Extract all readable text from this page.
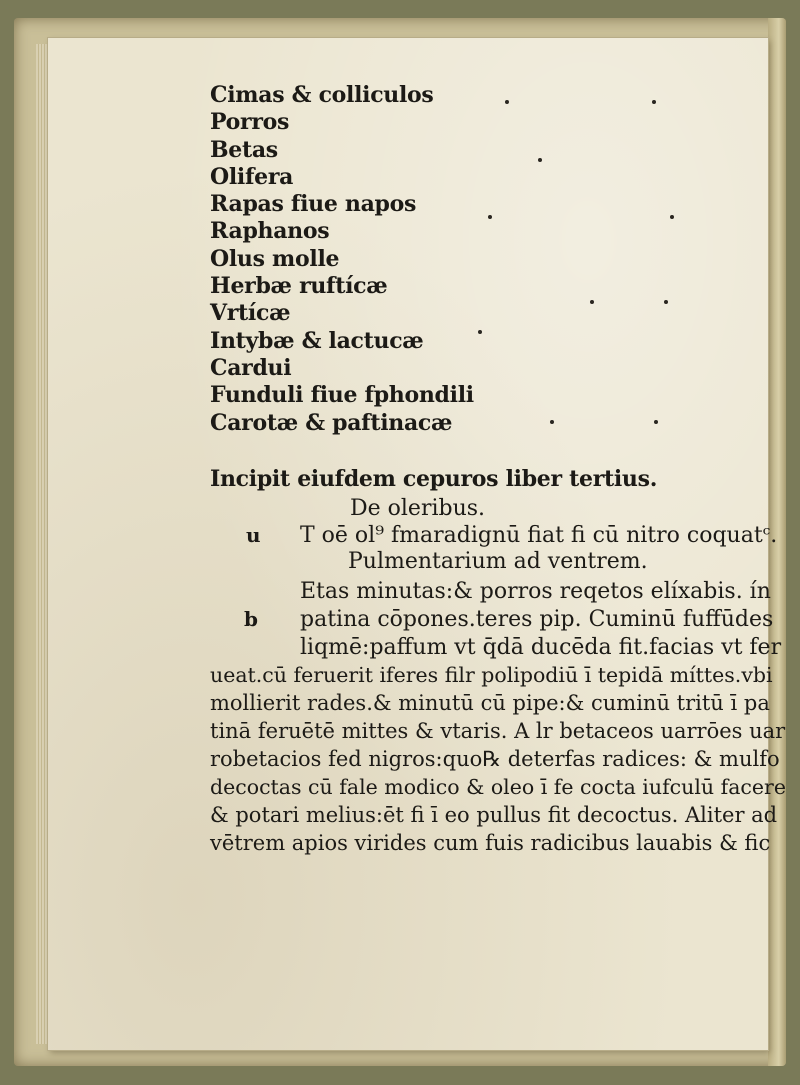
Cimas & colliculos
Porros
Betas
Olifera
Rapas fiue napos
Raphanos
Olus molle
Herbæ ruftícæ
Vrtícæ
Intybæ & lactucæ
Cardui
Funduli fiue fphondili
Carotæ & paftinacæ
Incipit eiufdem cepuros liber tertius.
De oleribus.
u T oē ol⁹ fmaradignū fiat fi cū nitro coquatᶜ.
Pulmentarium ad ventrem.
Etas minutas:& porros reqetos elíxabis. ín
b patina cōpones.teres pip. Cuminū fuffūdes
liqmē:paffum vt q̄dā ducēda fit.facias vt fer
ueat.cū feruerit iferes filr polipodiū ī tepidā míttes.vbi
mollierit rades.& minutū cū pipe:& cuminū tritū ī pa
tinā feruētē mittes & vtaris. A lr betaceos uarrōes uar
robetacios fed nigros:quo℞ deterfas radices: & mulfo
decoctas cū fale modico & oleo ī fe cocta iufculū facere
& potari melius:ēt fi ī eo pullus fit decoctus. Aliter ad
vētrem apios virides cum fuis radicibus lauabis & fic
